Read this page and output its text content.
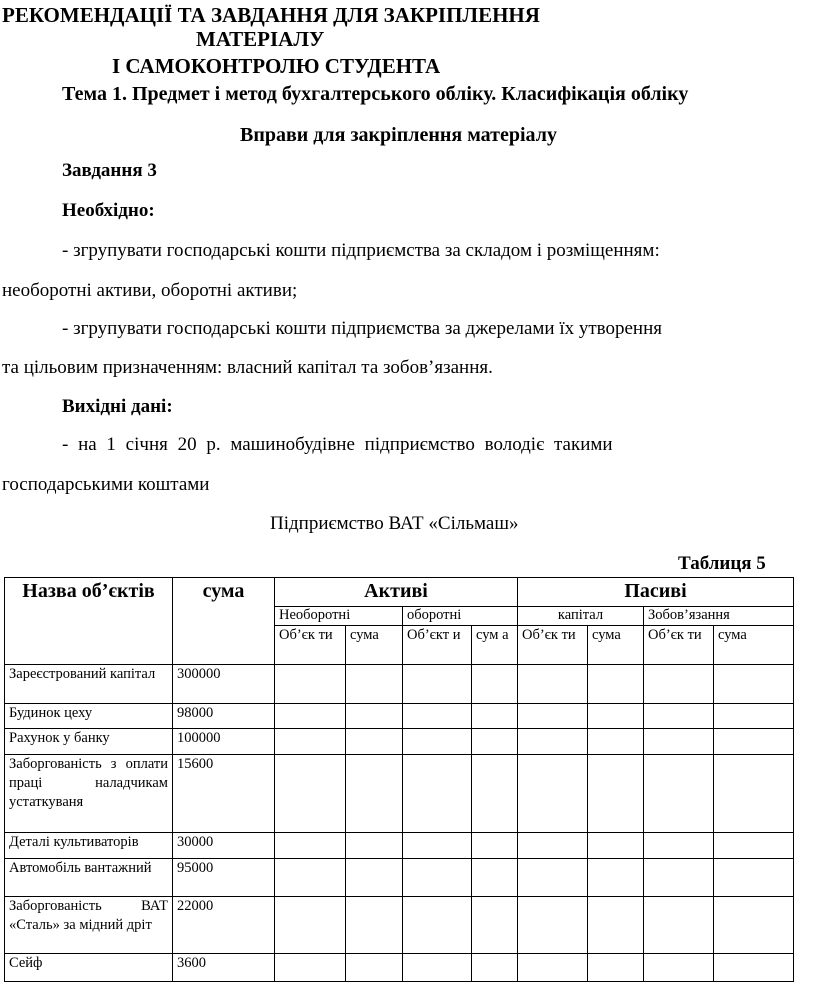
РЕКОМЕНДАЦІЇ ТА ЗАВДАННЯ ДЛЯ ЗАКРІПЛЕННЯ
МАТЕРІАЛУ
І САМОКОНТРОЛЮ СТУДЕНТА
Тема 1. Предмет і метод бухгалтерського обліку. Класифікація обліку
Вправи для закріплення матеріалу
Завдання 3
Необхідно:
- згрупувати господарські кошти підприємства за складом і розміщенням:
необоротні активи, оборотні активи;
- згрупувати господарські кошти підприємства за джерелами їх утворення
та цільовим призначенням: власний капітал та зобов’язання.
Вихідні дані:
- на 1 січня 20 р. машинобудівне підприємство володіє такими
господарськими коштами
Підприємство ВАТ «Сільмаш»
Таблиця 5
Назва об’єктів	сума	Активі				Пасиві			
		Необоротні		оборотні		капітал		Зобов’язання	
		Об’єк ти	сума	Об’єкт и	сум а	Об’єк ти	сума	Об’єк ти	сума
Зареєстрований капітал	300000								
Будинок цеху	98000								
Рахунок у банку	100000								
Заборгованість з оплати праці наладчикам устаткуваня	15600								
Деталі культиваторів	30000								
Автомобіль вантажний	95000								
Заборгованість ВАТ «Сталь» за мідний дріт	22000								
Сейф	3600								
